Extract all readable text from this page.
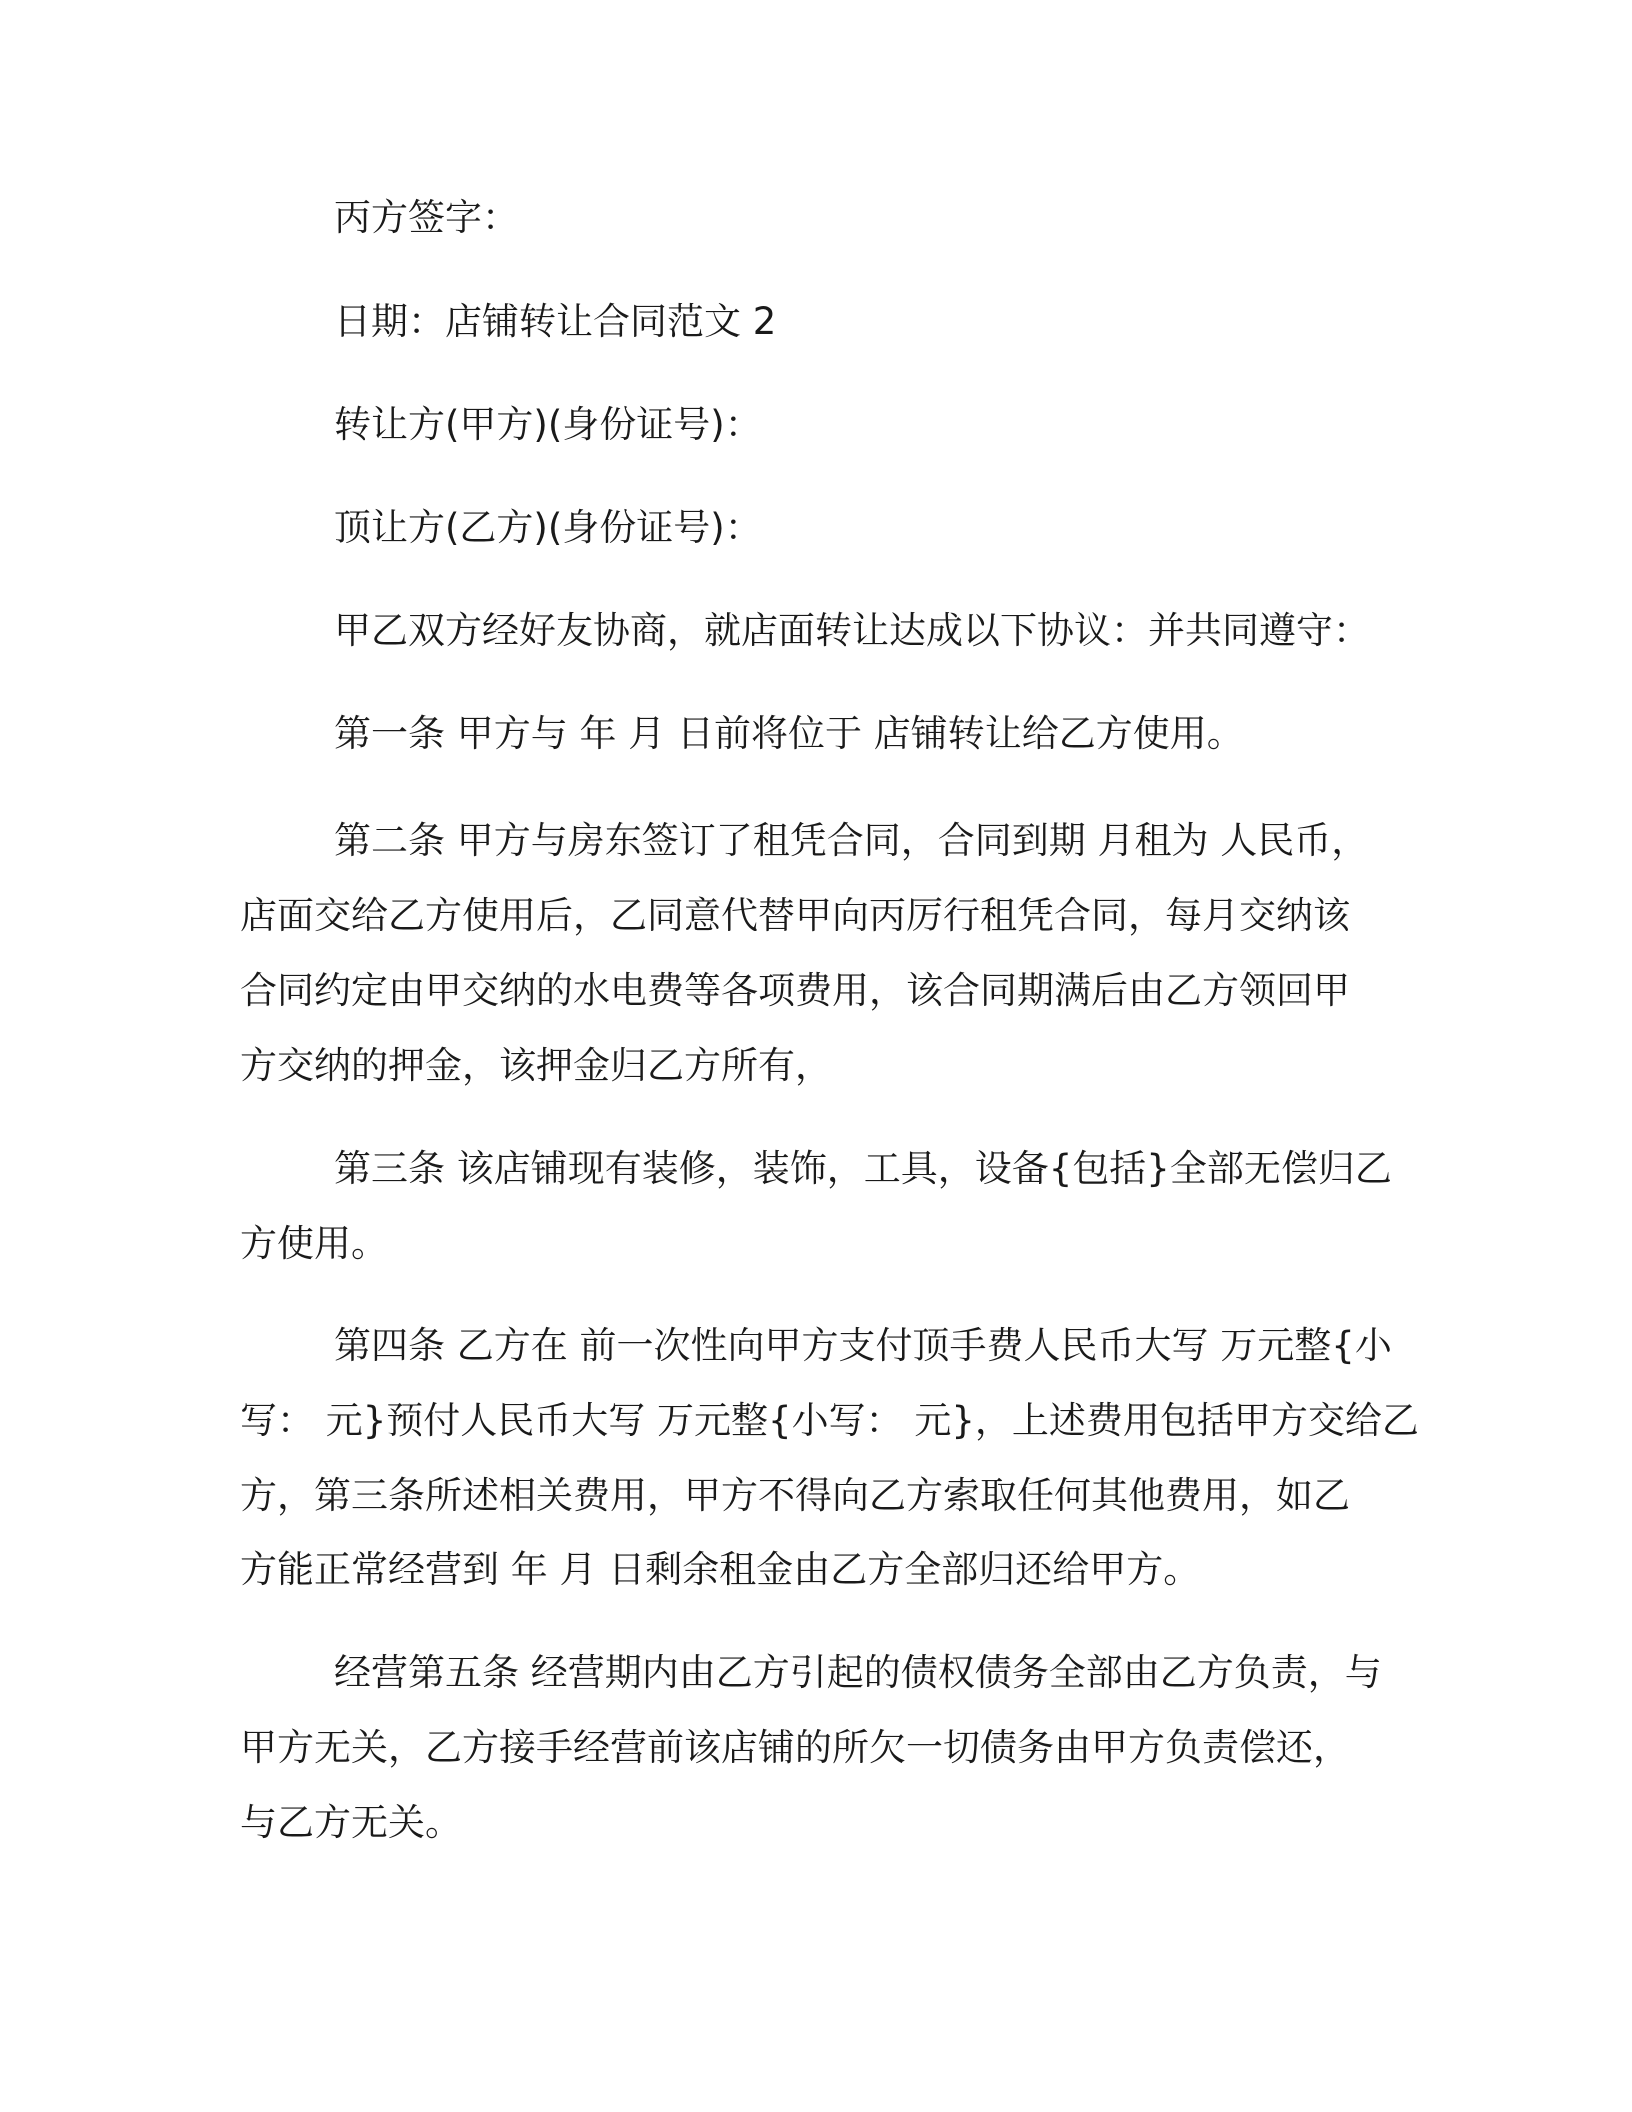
丙方签字：
日期：店铺转让合同范文 2
转让方(甲方)(身份证号)：
顶让方(乙方)(身份证号)：
甲乙双方经好友协商，就店面转让达成以下协议：并共同遵守：
第一条 甲方与 年 月 日前将位于 店铺转让给乙方使用。
第二条 甲方与房东签订了租凭合同，合同到期 月租为 人民币，
店面交给乙方使用后，乙同意代替甲向丙厉行租凭合同，每月交纳该
合同约定由甲交纳的水电费等各项费用，该合同期满后由乙方领回甲
方交纳的押金，该押金归乙方所有，
第三条 该店铺现有装修，装饰，工具，设备{包括}全部无偿归乙
方使用。
第四条 乙方在 前一次性向甲方支付顶手费人民币大写 万元整{小
写： 元}预付人民币大写 万元整{小写： 元}，上述费用包括甲方交给乙
方，第三条所述相关费用，甲方不得向乙方索取任何其他费用，如乙
方能正常经营到 年 月 日剩余租金由乙方全部归还给甲方。
经营第五条 经营期内由乙方引起的债权债务全部由乙方负责，与
甲方无关，乙方接手经营前该店铺的所欠一切债务由甲方负责偿还，
与乙方无关。
